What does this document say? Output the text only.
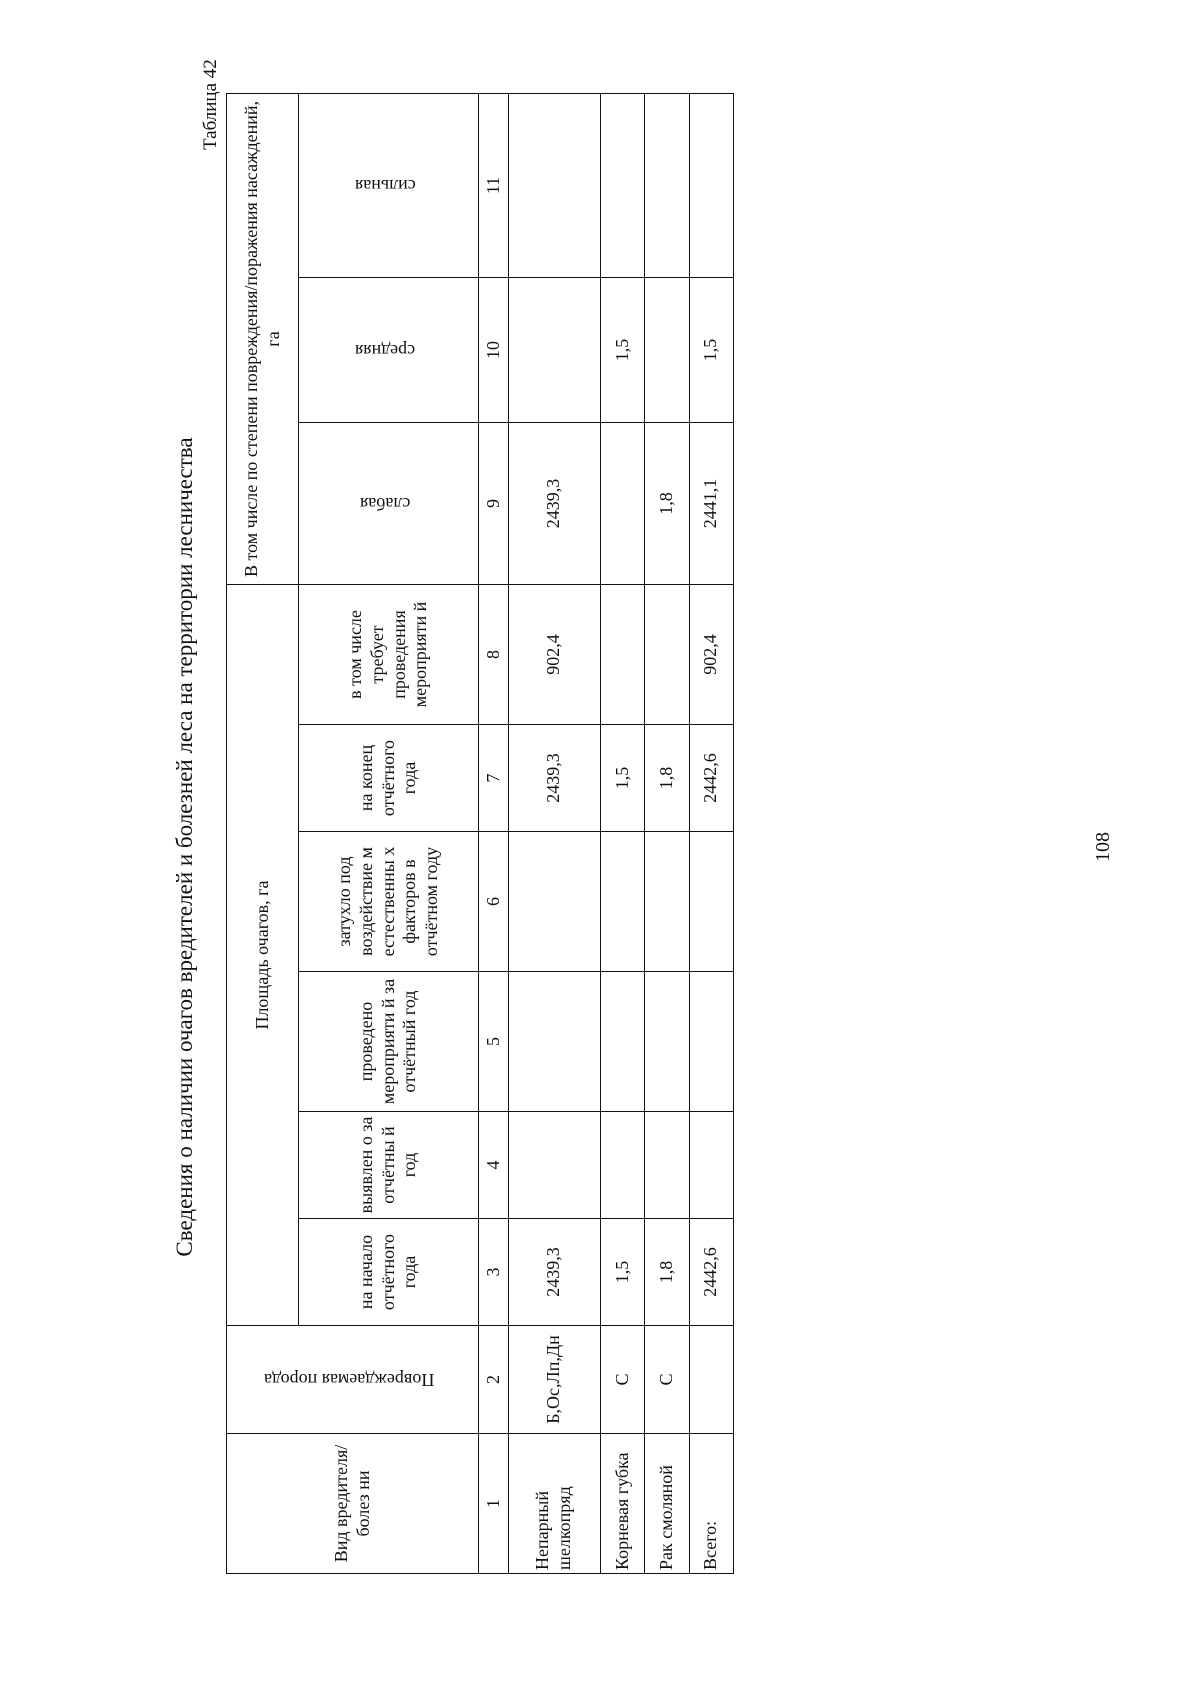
Сведения о наличии очагов вредителей и болезней леса на территории лесничества
Таблица 42
Вид вредителя/болез ни	Повреждаемая порода	Площадь очагов, га						В том числе по степени повреждения/поражения насаждений, га		
		на начало отчётного года	выявлен о за отчётны й год	проведено мероприяти й за отчётный год	затухло под воздействие м естественны х факторов в отчётном году	на конец отчётного года	в том числе требует проведения мероприяти й	слабая	средняя	сильная
1	2	3	4	5	6	7	8	9	10	11
Непарный шелкопряд	Б,Ос,Лп,Дн	2439,3				2439,3	902,4	2439,3		
Корневая губка	С	1,5				1,5			1,5	
Рак смоляной	С	1,8				1,8		1,8		
Всего:		2442,6				2442,6	902,4	2441,1	1,5	
108
